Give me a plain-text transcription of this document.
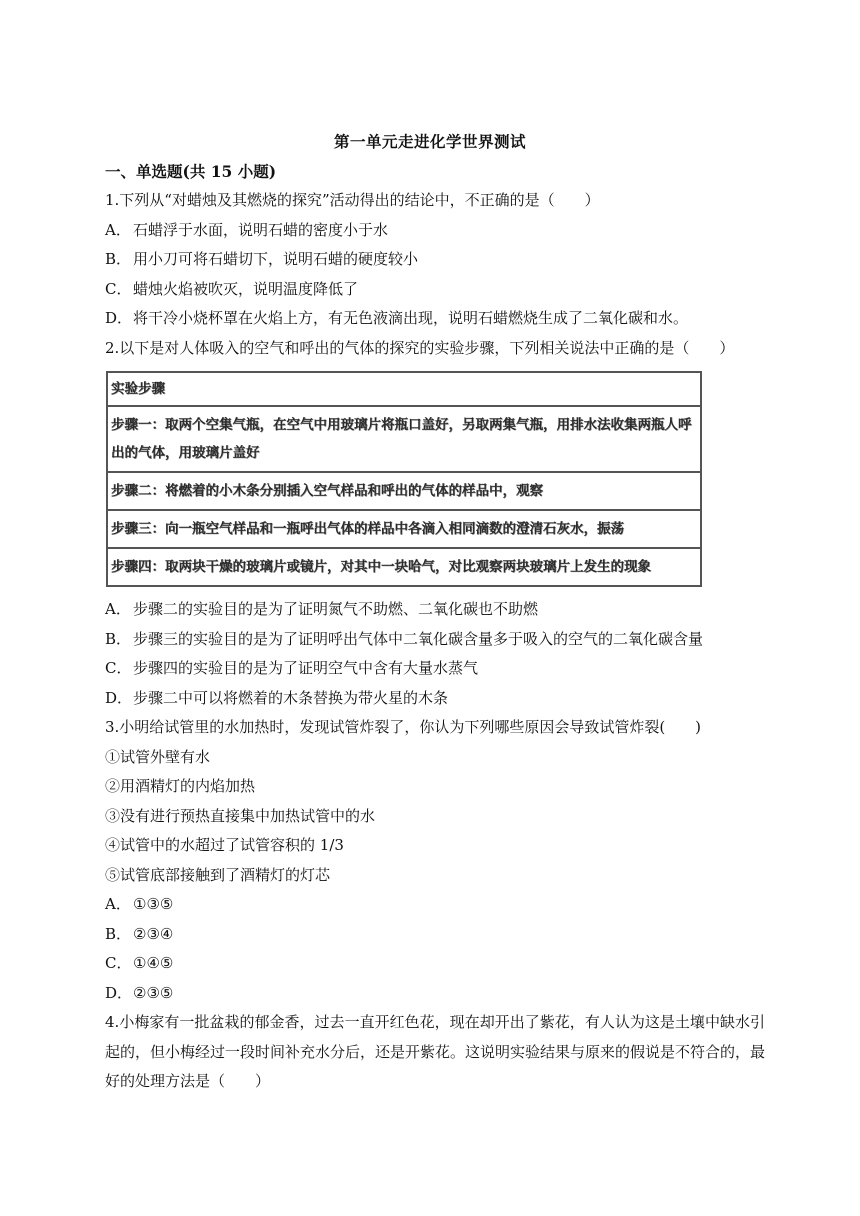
第一单元走进化学世界测试
一、单选题(共 15 小题)
1.下列从“对蜡烛及其燃烧的探究”活动得出的结论中，不正确的是（　　）
A． 石蜡浮于水面，说明石蜡的密度小于水
B． 用小刀可将石蜡切下，说明石蜡的硬度较小
C． 蜡烛火焰被吹灭，说明温度降低了
D．将干冷小烧杯罩在火焰上方，有无色液滴出现，说明石蜡燃烧生成了二氧化碳和水。
2.以下是对人体吸入的空气和呼出的气体的探究的实验步骤，下列相关说法中正确的是（　　）
实验步骤
步骤一：取两个空集气瓶，在空气中用玻璃片将瓶口盖好，另取两集气瓶，用排水法收集两瓶人呼出的气体，用玻璃片盖好
步骤二：将燃着的小木条分别插入空气样品和呼出的气体的样品中，观察
步骤三：向一瓶空气样品和一瓶呼出气体的样品中各滴入相同滴数的澄清石灰水，振荡
步骤四：取两块干燥的玻璃片或镜片，对其中一块哈气，对比观察两块玻璃片上发生的现象
A． 步骤二的实验目的是为了证明氮气不助燃、二氧化碳也不助燃
B． 步骤三的实验目的是为了证明呼出气体中二氧化碳含量多于吸入的空气的二氧化碳含量
C． 步骤四的实验目的是为了证明空气中含有大量水蒸气
D．步骤二中可以将燃着的木条替换为带火星的木条
3.小明给试管里的水加热时，发现试管炸裂了，你认为下列哪些原因会导致试管炸裂(　　)
①试管外壁有水
②用酒精灯的内焰加热
③没有进行预热直接集中加热试管中的水
④试管中的水超过了试管容积的 1/3
⑤试管底部接触到了酒精灯的灯芯
A． ①③⑤
B． ②③④
C． ①④⑤
D．②③⑤
4.小梅家有一批盆栽的郁金香，过去一直开红色花，现在却开出了紫花，有人认为这是土壤中缺水引起的，但小梅经过一段时间补充水分后，还是开紫花。这说明实验结果与原来的假说是不符合的，最好的处理方法是（　　）
